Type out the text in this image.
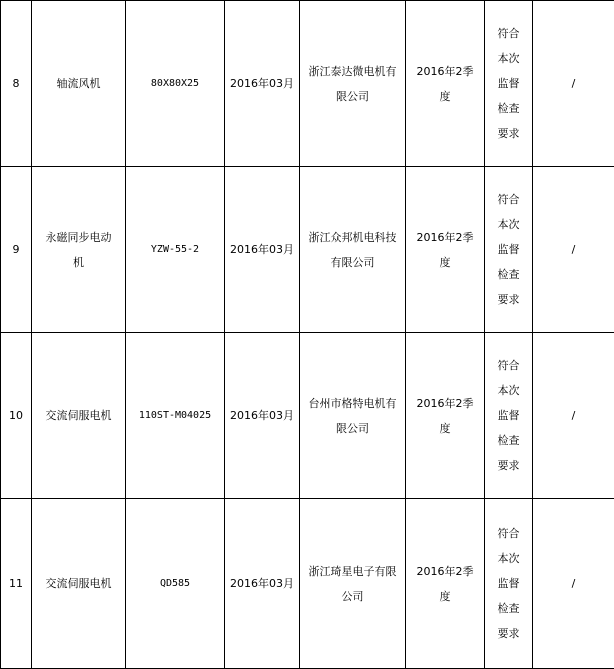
8	轴流风机	80X80X25	2016年03月	浙江泰达微电机有限公司	2016年2季度	符合本次监督检查要求	/

9	永磁同步电动机	YZW-55-2	2016年03月	浙江众邦机电科技有限公司	2016年2季度	符合本次监督检查要求	/

10	交流伺服电机	110ST-M04025	2016年03月	台州市格特电机有限公司	2016年2季度	符合本次监督检查要求	/

11	交流伺服电机	QD585	2016年03月	浙江琦星电子有限公司	2016年2季度	符合本次监督检查要求	/
